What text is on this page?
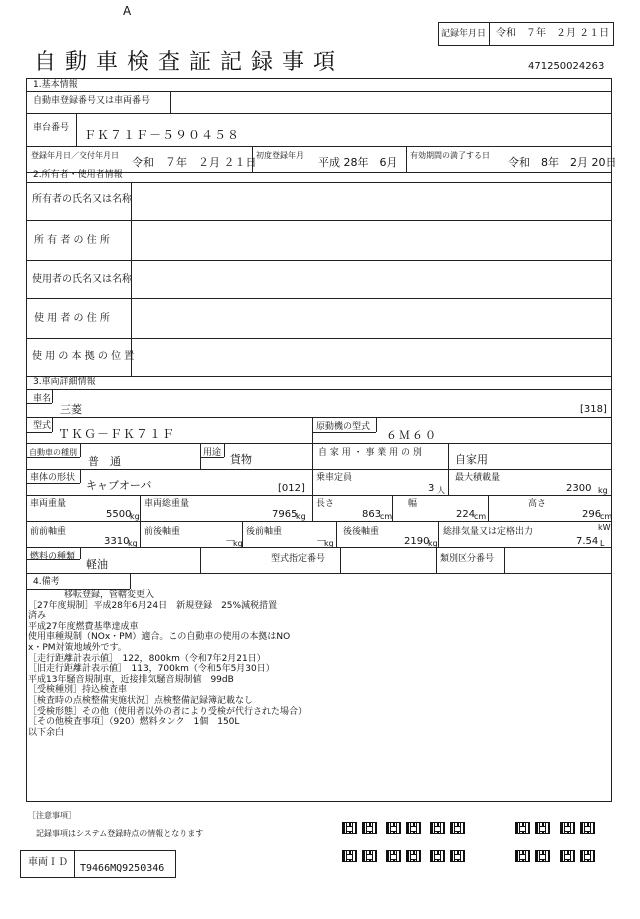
A
記録年月日 令和　７年　２月 ２１日
自 動 車 検 査 証 記 録 事 項	471250024263
1.基本情報
自動車登録番号又は車両番号
車台番号 ＦＫ７１Ｆ－５９０４５８
登録年月日／交付年月日
令和　７年　２月 ２１日
初度登録年月
平成 28年　6月
有効期間の満了する日
令和　8年　2月 20日
2.所有者・使用者情報
所有者の氏名又は名称
所 有 者 の 住 所
使用者の氏名又は名称
使 用 者 の 住 所
使 用 の 本 拠 の 位 置
3.車両詳細情報
車名
三菱	[318]
型式
ＴＫＧ－ＦＫ７１Ｆ	原動機の型式
６Ｍ６０
自動車の種別
普　通
用途 貨物	自 家 用 ・ 事 業 用 の 別	自家用
車体の形状
キャブオーバ	[012]
乗車定員
3 人
最大積載量
2300 kg
車両重量
5500
kg
車両総重量
7965
kg
長さ
863
cm
幅
224
cm
高さ
296
cm
前前軸重
3310
kg
前後軸重
－
kg
後前軸重
－
kg
後後軸重
2190
kg
総排気量又は定格出力	kW
7.54 L
燃料の種類
軽油	型式指定番号	類別区分番号
4.備考
　　　　移転登録，管轄変更入
［27年度規制］平成28年6月24日　新規登録　25%減税措置
済み
平成27年度燃費基準達成車
使用車種規制（NOx・PM）適合。この自動車の使用の本拠はNO
x・PM対策地域外です。
［走行距離計表示値］　122，800km（令和7年2月21日）
［旧走行距離計表示値］　113，700km（令和5年5月30日）
平成13年騒音規制車，近接排気騒音規制値　99dB
［受検種別］持込検査車
［検査時の点検整備実施状況］点検整備記録簿記載なし
［受検形態］その他（使用者以外の者により受検が代行された場合）
［その他検査事項］（920）燃料タンク　1個　150L
以下余白
［注意事項］
記録事項はシステム登録時点の情報となります
車両ＩＤ
T9466MQ9250346
